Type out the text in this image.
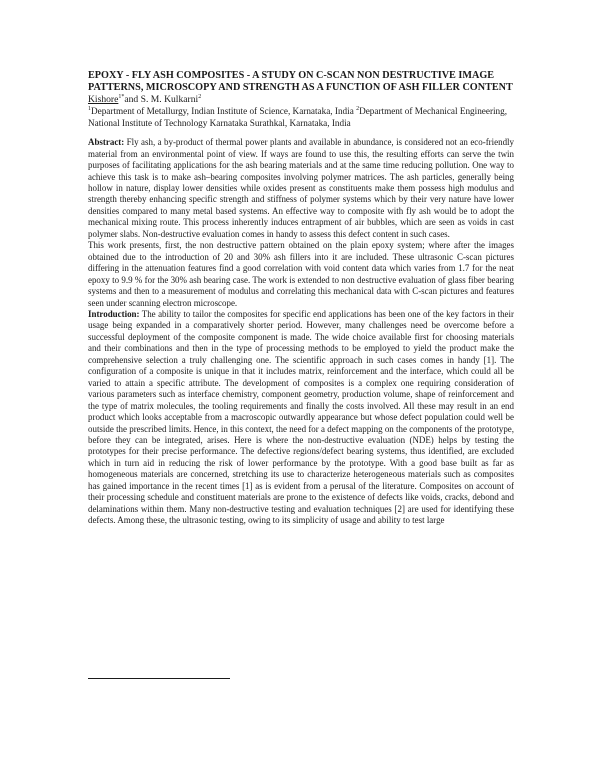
EPOXY - FLY ASH COMPOSITES - A STUDY ON C-SCAN NON DESTRUCTIVE IMAGE PATTERNS, MICROSCOPY AND STRENGTH AS A FUNCTION OF ASH FILLER CONTENT

Kishore$^{1*}$and S. M. Kulkarni$^2$

$^1$Department of Metallurgy, Indian Institute of Science, Karnataka, India $^2$Department of Mechanical Engineering, National Institute of Technology Karnataka Surathkal, Karnataka, India

Abstract: Fly ash, a by-product of thermal power plants and available in abundance, is considered not an eco-friendly material from an environmental point of view. If ways are found to use this, the resulting efforts can serve the twin purposes of facilitating applications for the ash bearing materials and at the same time reducing pollution. One way to achieve this task is to make ash–bearing composites involving polymer matrices. The ash particles, generally being hollow in nature, display lower densities while oxides present as constituents make them possess high modulus and strength thereby enhancing specific strength and stiffness of polymer systems which by their very nature have lower densities compared to many metal based systems. An effective way to composite with fly ash would be to adopt the mechanical mixing route. This process inherently induces entrapment of air bubbles, which are seen as voids in cast polymer slabs. Non-destructive evaluation comes in handy to assess this defect content in such cases.

This work presents, first, the non destructive pattern obtained on the plain epoxy system; where after the images obtained due to the introduction of 20 and 30% ash fillers into it are included. These ultrasonic C-scan pictures differing in the attenuation features find a good correlation with void content data which varies from 1.7 for the neat epoxy to 9.9 % for the 30% ash bearing case. The work is extended to non destructive evaluation of glass fiber bearing systems and then to a measurement of modulus and correlating this mechanical data with C-scan pictures and features seen under scanning electron microscope.

Introduction: The ability to tailor the composites for specific end applications has been one of the key factors in their usage being expanded in a comparatively shorter period. However, many challenges need be overcome before a successful deployment of the composite component is made. The wide choice available first for choosing materials and their combinations and then in the type of processing methods to be employed to yield the product make the comprehensive selection a truly challenging one. The scientific approach in such cases comes in handy [1]. The configuration of a composite is unique in that it includes matrix, reinforcement and the interface, which could all be varied to attain a specific attribute. The development of composites is a complex one requiring consideration of various parameters such as interface chemistry, component geometry, production volume, shape of reinforcement and the type of matrix molecules, the tooling requirements and finally the costs involved. All these may result in an end product which looks acceptable from a macroscopic outwardly appearance but whose defect population could well be outside the prescribed limits. Hence, in this context, the need for a defect mapping on the components of the prototype, before they can be integrated, arises. Here is where the non-destructive evaluation (NDE) helps by testing the prototypes for their precise performance. The defective regions/defect bearing systems, thus identified, are excluded which in turn aid in reducing the risk of lower performance by the prototype. With a good base built as far as homogeneous materials are concerned, stretching its use to characterize heterogeneous materials such as composites has gained importance in the recent times [1] as is evident from a perusal of the literature. Composites on account of their processing schedule and constituent materials are prone to the existence of defects like voids, cracks, debond and delaminations within them. Many non-destructive testing and evaluation techniques [2] are used for identifying these defects. Among these, the ultrasonic testing, owing to its simplicity of usage and ability to test large
